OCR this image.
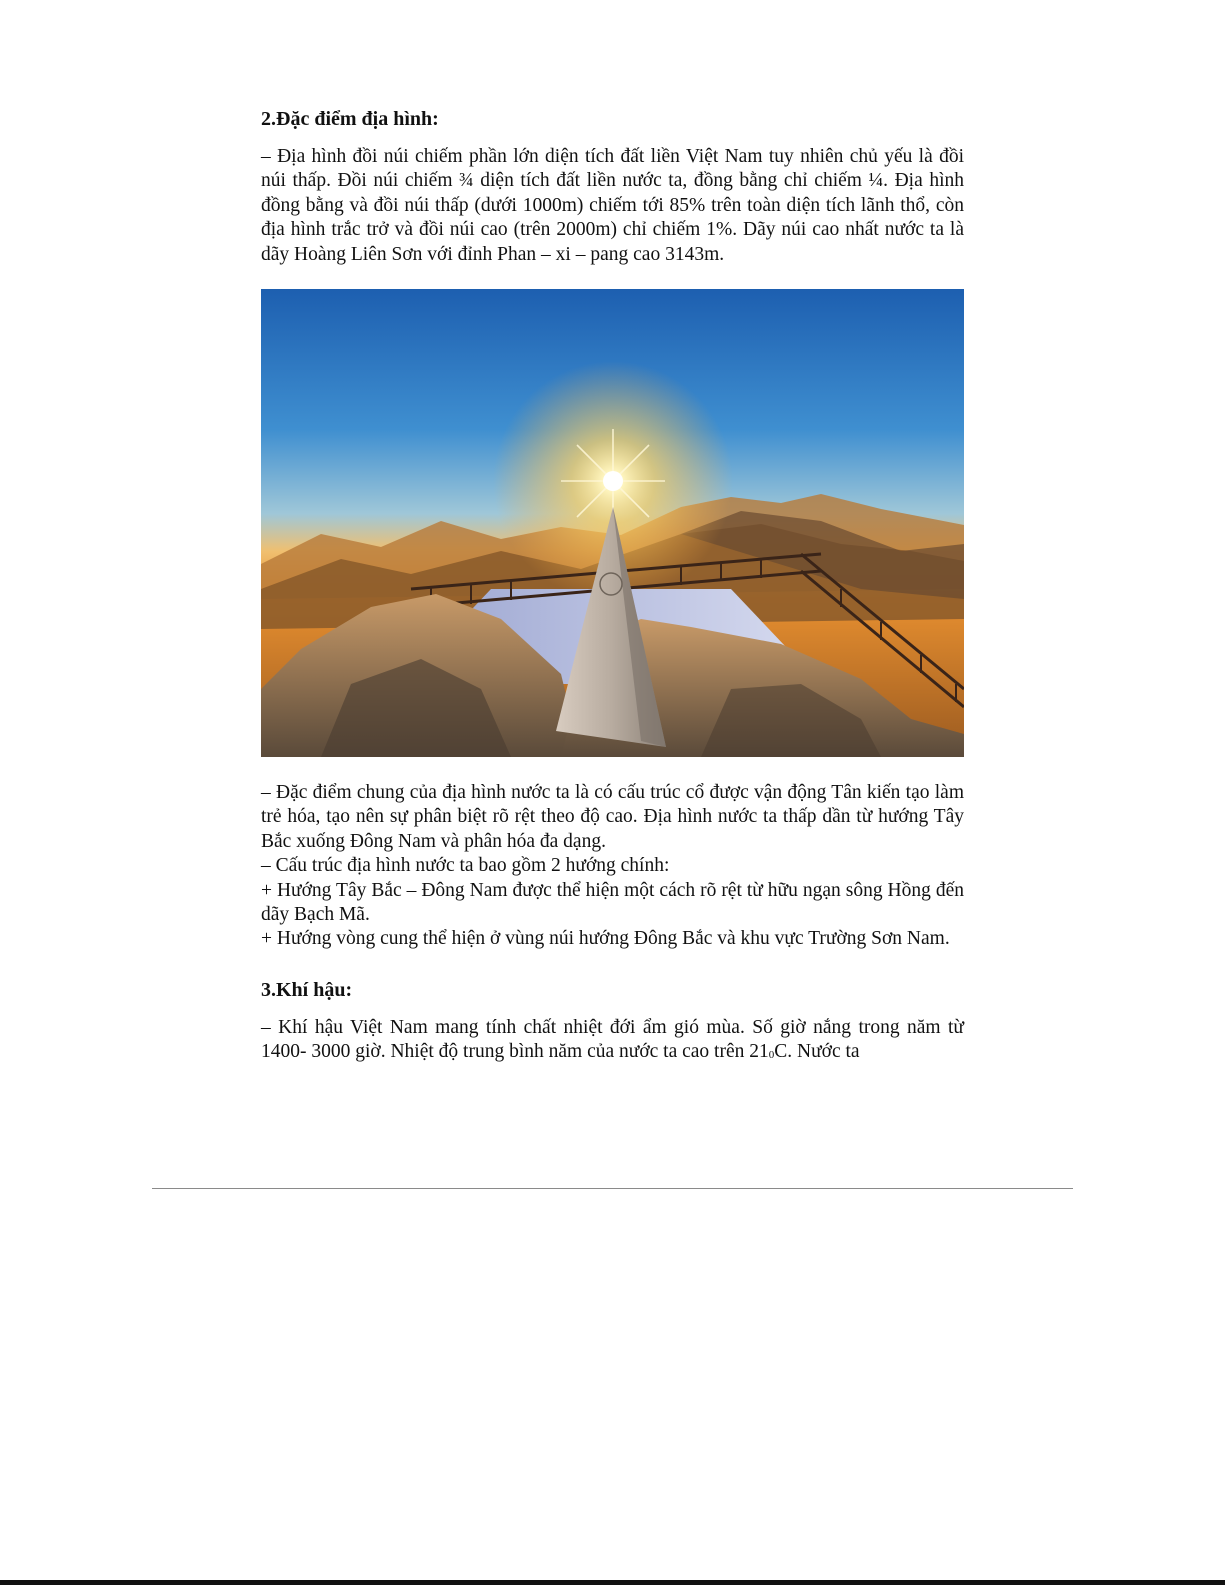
2.Đặc điểm địa hình:

– Địa hình đồi núi chiếm phần lớn diện tích đất liền Việt Nam tuy nhiên chủ yếu là đồi núi thấp. Đồi núi chiếm ¾ diện tích đất liền nước ta, đồng bằng chỉ chiếm ¼. Địa hình đồng bằng và đồi núi thấp (dưới 1000m) chiếm tới 85% trên toàn diện tích lãnh thổ, còn địa hình trắc trở và đồi núi cao (trên 2000m) chỉ chiếm 1%. Dãy núi cao nhất nước ta là dãy Hoàng Liên Sơn với đỉnh Phan – xi – pang cao 3143m.

– Đặc điểm chung của địa hình nước ta là có cấu trúc cổ được vận động Tân kiến tạo làm trẻ hóa, tạo nên sự phân biệt rõ rệt theo độ cao. Địa hình nước ta thấp dần từ hướng Tây Bắc xuống Đông Nam và phân hóa đa dạng.

– Cấu trúc địa hình nước ta bao gồm 2 hướng chính:

+ Hướng Tây Bắc – Đông Nam được thể hiện một cách rõ rệt từ hữu ngạn sông Hồng đến dãy Bạch Mã.

+ Hướng vòng cung thể hiện ở vùng núi hướng Đông Bắc và khu vực Trường Sơn Nam.

3.Khí hậu:

– Khí hậu Việt Nam mang tính chất nhiệt đới ẩm gió mùa. Số giờ nắng trong năm từ 1400- 3000 giờ. Nhiệt độ trung bình năm của nước ta cao trên $21_0C$. Nước ta
